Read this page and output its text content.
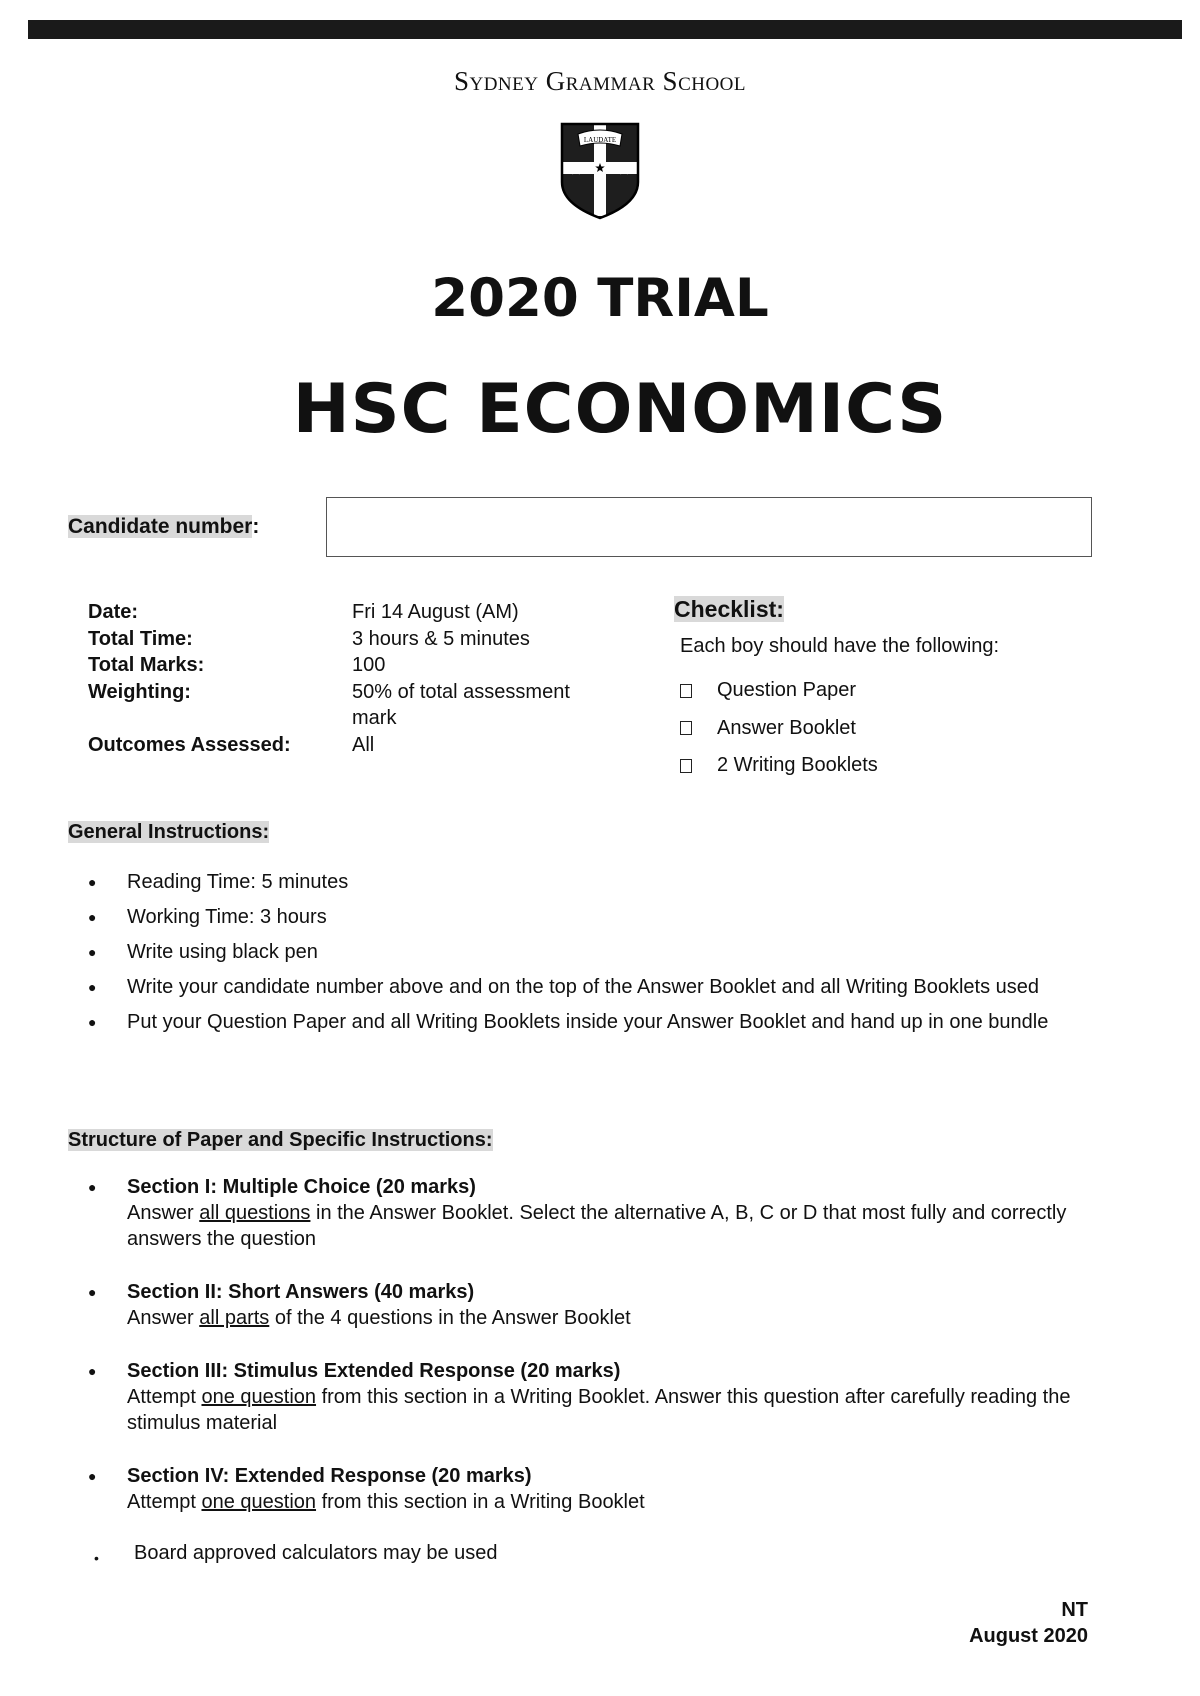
Sydney Grammar School
LAUDATE
2020 TRIAL
HSC ECONOMICS
Candidate number:
Date:	Fri 14 August (AM)
Total Time:	3 hours & 5 minutes
Total Marks:	100
Weighting:	50% of total assessment mark
Outcomes Assessed:	All
Checklist:
Each boy should have the following:
Question Paper
Answer Booklet
2 Writing Booklets
General Instructions:
●	Reading Time: 5 minutes
●	Working Time: 3 hours
●	Write using black pen
●	Write your candidate number above and on the top of the Answer Booklet and all Writing Booklets used
●	Put your Question Paper and all Writing Booklets inside your Answer Booklet and hand up in one bundle
Structure of Paper and Specific Instructions:
●	Section I: Multiple Choice (20 marks)
Answer all questions in the Answer Booklet. Select the alternative A, B, C or D that most fully and correctly answers the question
●	Section II: Short Answers (40 marks)
Answer all parts of the 4 questions in the Answer Booklet
●	Section III: Stimulus Extended Response (20 marks)
Attempt one question from this section in a Writing Booklet. Answer this question after carefully reading the stimulus material
●	Section IV: Extended Response (20 marks)
Attempt one question from this section in a Writing Booklet
•	Board approved calculators may be used
NT
August 2020
